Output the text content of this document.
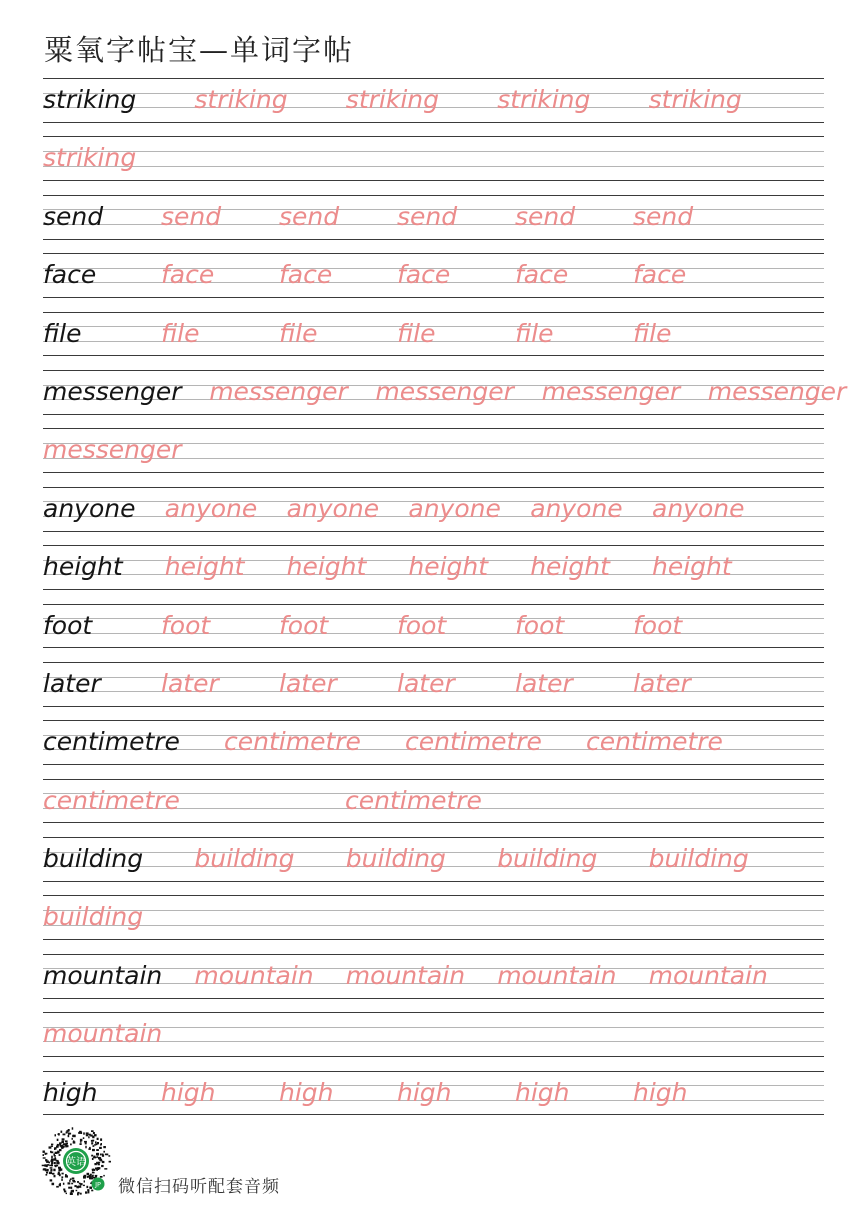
粟氧字帖宝—单词字帖
striking striking striking striking striking
striking
send send send send send send
face	face	face	face	face	face
file	file	file	file	file	file
messenger messenger messenger messenger messenger
messenger
anyone anyone anyone anyone anyone anyone
height height height height height height
foot	foot	foot	foot	foot	foot
later later later later later later
centimetre centimetre centimetre centimetre
centimetre	centimetre
building building building building building
building
mountain mountain mountain mountain mountain
mountain
high	high	high	high	high	high
英语
JP 微信扫码听配套音频
